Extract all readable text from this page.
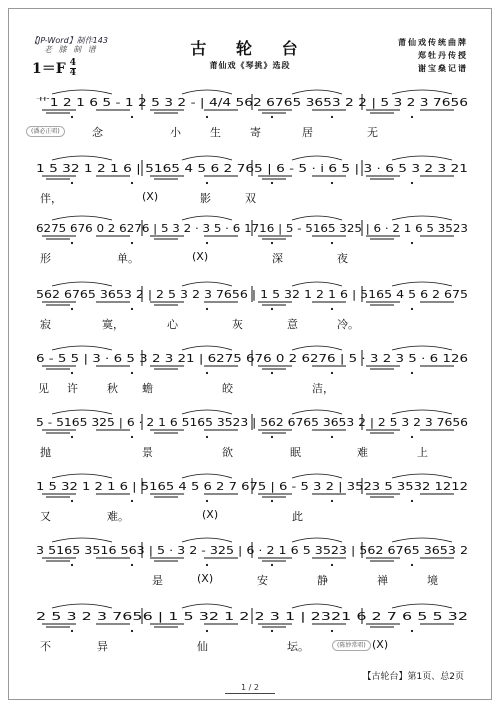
【JP-Word】制作143
老 膝 制 谱
$1=F \frac{4}{4}$
古 轮 台
莆仙戏《琴挑》选段
莆仙戏传统曲牌
郑牡丹传授
谢宝燊记谱
艹1 2 1 6 5 - 1 2 5 3 2 - | 4/4 562 6765 3653 2 2 | 5 3 2 3 7656
念	小	生	寄	居	无
(潘必正唱)
1 5 32 1 2 1 6 | 5165 4 5 6 2 765 | 6 - 5 · i 6 5 | 3 · 6 5 3 2 3 21
伴，	(X)	影	双
6275 676 0 2 6276 | 5 3 2 · 3 5 · 6 1716 | 5 - 5165 325 | 6 · 2 1 6 5 3523
形	单。	(X)	深	夜
562 6765 3653 2 | 2 5 3 2 3 7656 | 1 5 32 1 2 1 6 | 5165 4 5 6 2 675
寂	寞，	心	灰	意	冷。
6 - 5 5 | 3 · 6 5 3 2 3 21 | 6275 676 0 2 6276 | 5 · 3 2 3 5 · 6 126
见 许	秋 蟾	皎	洁，
5 - 5165 325 | 6 · 2 1 6 5165 3523 | 562 6765 3653 2 | 2 5 3 2 3 7656
抛	景	欲	眠	难	上
1 5 32 1 2 1 6 | 5165 4 5 6 2 7 675 | 6 - 5 3 2 | 3523 5 3532 1212
又	难。	(X)	此
3 5165 3516 563 | 5 · 3 2 - 325 | 6 · 2 1 6 5 3523 | 562 6765 3653 2
是	(X)	安	静	禅	境
2 5 3 2 3 7656 | 1 5 32 1 2 2 3 1 | 2321 6 2 7 6 5 5 32
不	异	仙	坛。	(X)
(陈妙常唱)
【古轮台】第1页、总2页
1 / 2
